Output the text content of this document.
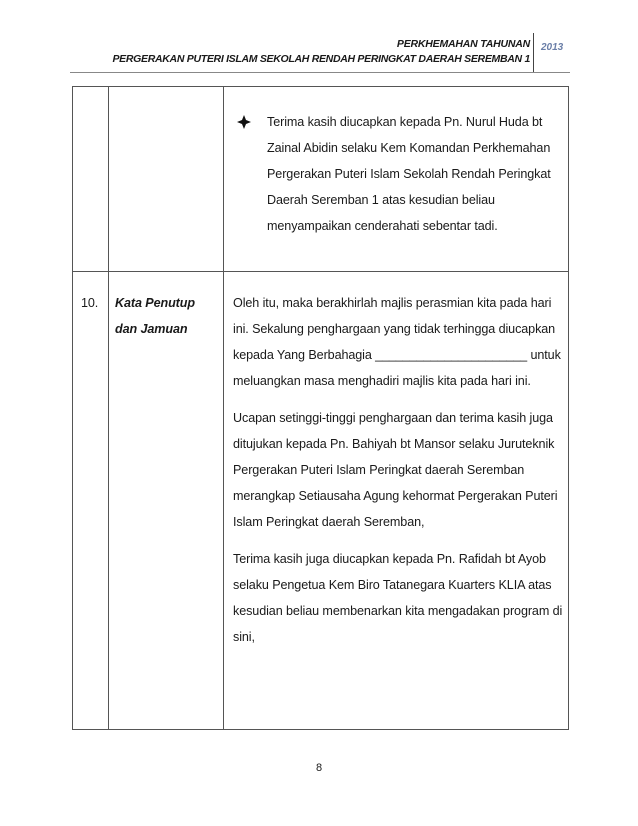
PERKHEMAHAN TAHUNAN
PERGERAKAN PUTERI ISLAM SEKOLAH RENDAH PERINGKAT DAERAH SEREMBAN 1
2013
Terima kasih diucapkan kepada Pn. Nurul Huda bt Zainal Abidin selaku Kem Komandan Perkhemahan Pergerakan Puteri Islam Sekolah Rendah Peringkat Daerah Seremban 1 atas kesudian beliau menyampaikan cenderahati sebentar tadi.
10. Kata Penutup
dan Jamuan

Oleh itu, maka berakhirlah majlis perasmian kita pada hari ini. Sekalung penghargaan yang tidak terhingga diucapkan kepada Yang Berbahagia ______________________ untuk meluangkan masa menghadiri majlis kita pada hari ini.

Ucapan setinggi-tinggi penghargaan dan terima kasih juga ditujukan kepada Pn. Bahiyah bt Mansor selaku Juruteknik Pergerakan Puteri Islam Peringkat daerah Seremban merangkap Setiausaha Agung kehormat Pergerakan Puteri Islam Peringkat daerah Seremban,

Terima kasih juga diucapkan kepada Pn. Rafidah bt Ayob selaku Pengetua Kem Biro Tatanegara Kuarters KLIA atas kesudian beliau membenarkan kita mengadakan program di sini,

8
